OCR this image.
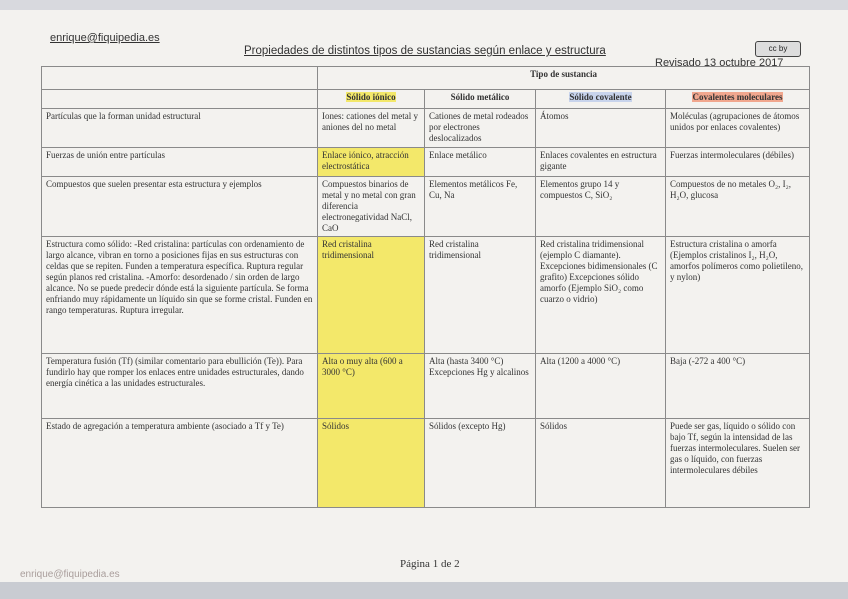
enrique@fiquipedia.es
Propiedades de distintos tipos de sustancias según enlace y estructura	cc by
Revisado 13 octubre 2017
	Tipo de sustancia			
	Sólido iónico	Sólido metálico	Sólido covalente	Covalentes moleculares
Partículas que la forman unidad estructural	Iones: cationes del metal y aniones del no metal	Cationes de metal rodeados por electrones deslocalizados	Átomos	Moléculas (agrupaciones de átomos unidos por enlaces covalentes)
Fuerzas de unión entre partículas	Enlace iónico, atracción electrostática	Enlace metálico	Enlaces covalentes en estructura gigante	Fuerzas intermoleculares (débiles)
Compuestos que suelen presentar esta estructura y ejemplos	Compuestos binarios de metal y no metal con gran diferencia electronegatividad NaCl, CaO	Elementos metálicos Fe, Cu, Na	Elementos grupo 14 y compuestos C, SiO₂	Compuestos de no metales O₂, I₂, H₂O, glucosa
Estructura como sólido: -Red cristalina: partículas con ordenamiento de largo alcance, vibran en torno a posiciones fijas en sus estructuras con celdas que se repiten. Funden a temperatura específica. Ruptura regular según planos red cristalina. -Amorfo: desordenado / sin orden de largo alcance. No se puede predecir dónde está la siguiente partícula. Se forma enfriando muy rápidamente un líquido sin que se forme cristal. Funden en rango temperaturas. Ruptura irregular.	Red cristalina tridimensional	Red cristalina tridimensional	Red cristalina tridimensional (ejemplo C diamante). Excepciones bidimensionales (C grafito) Excepciones sólido amorfo (Ejemplo SiO₂ como cuarzo o vidrio)	Estructura cristalina o amorfa (Ejemplos cristalinos I₂, H₂O, amorfos polímeros como polietileno, y nylon)
Temperatura fusión (Tf) (similar comentario para ebullición (Te)). Para fundirlo hay que romper los enlaces entre unidades estructurales, dando energía cinética a las unidades estructurales.	Alta o muy alta (600 a 3000 °C)	Alta (hasta 3400 °C) Excepciones Hg y alcalinos	Alta (1200 a 4000 °C)	Baja (-272 a 400 °C)
Estado de agregación a temperatura ambiente (asociado a Tf y Te)	Sólidos	Sólidos (excepto Hg)	Sólidos	Puede ser gas, líquido o sólido con bajo Tf, según la intensidad de las fuerzas intermoleculares. Suelen ser gas o líquido, con fuerzas intermoleculares débiles
Página 1 de 2
enrique@fiquipedia.es
